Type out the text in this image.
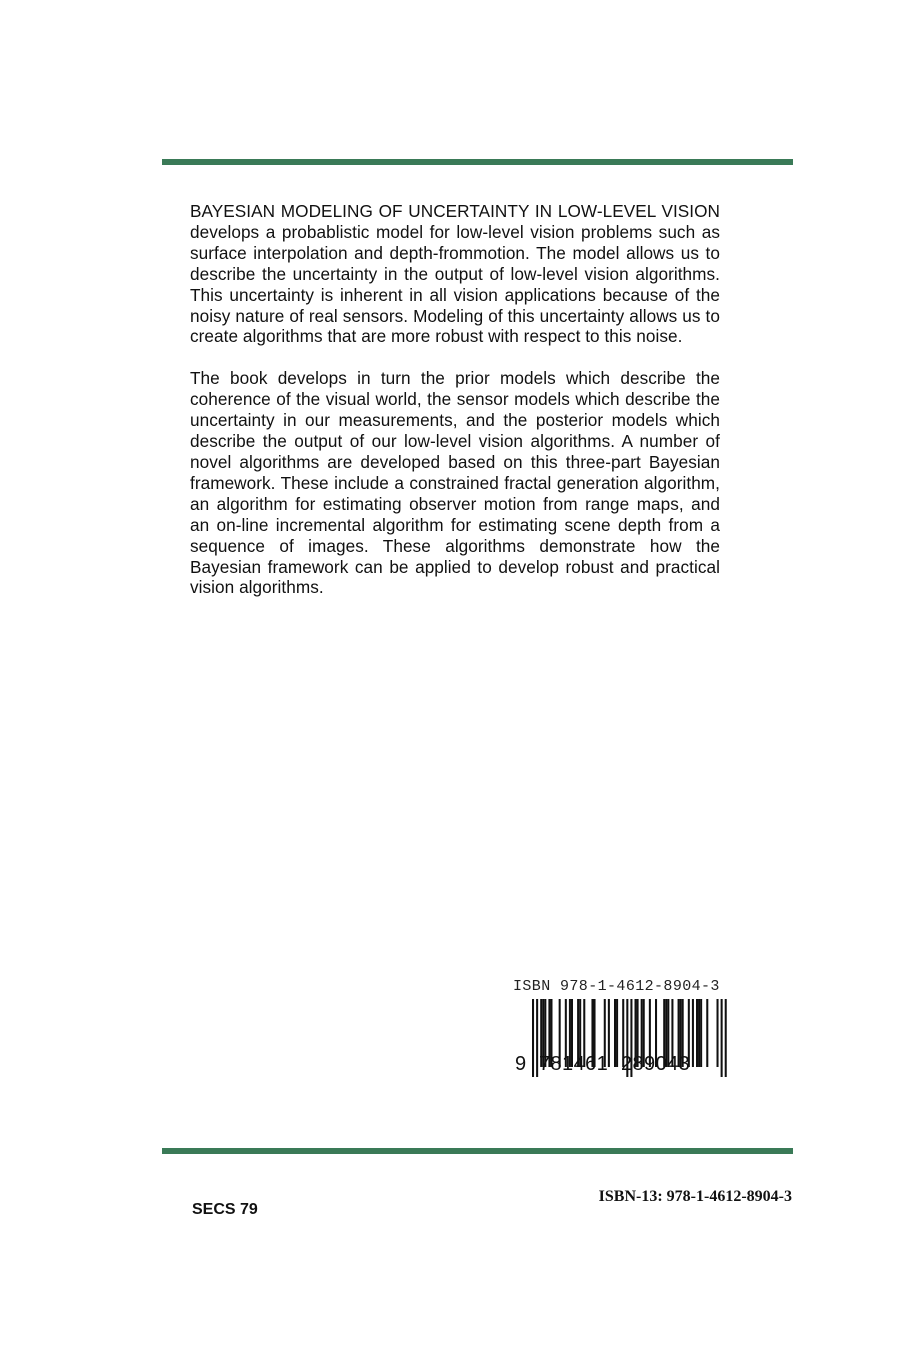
BAYESIAN MODELING OF UNCERTAINTY IN LOW-LEVEL VISION develops a probablistic model for low-level vision problems such as surface interpolation and depth-frommotion. The model allows us to describe the uncertainty in the output of low-level vision algorithms. This uncertainty is inherent in all vision applications because of the noisy nature of real sensors. Modeling of this uncertainty allows us to create algorithms that are more robust with respect to this noise.

The book develops in turn the prior models which describe the coherence of the visual world, the sensor models which describe the uncertainty in our measurements, and the posterior models which describe the output of our low-level vision algorithms. A number of novel algorithms are developed based on this three-part Bayesian framework. These include a constrained fractal generation algorithm, an algorithm for estimating observer motion from range maps, and an on-line incremental algorithm for estimating scene depth from a sequence of images. These algorithms demonstrate how the Bayesian framework can be applied to develop robust and practical vision algorithms.

ISBN 978-1-4612-8904-3
9 781461 289043
SECS 79
ISBN-13: 978-1-4612-8904-3
